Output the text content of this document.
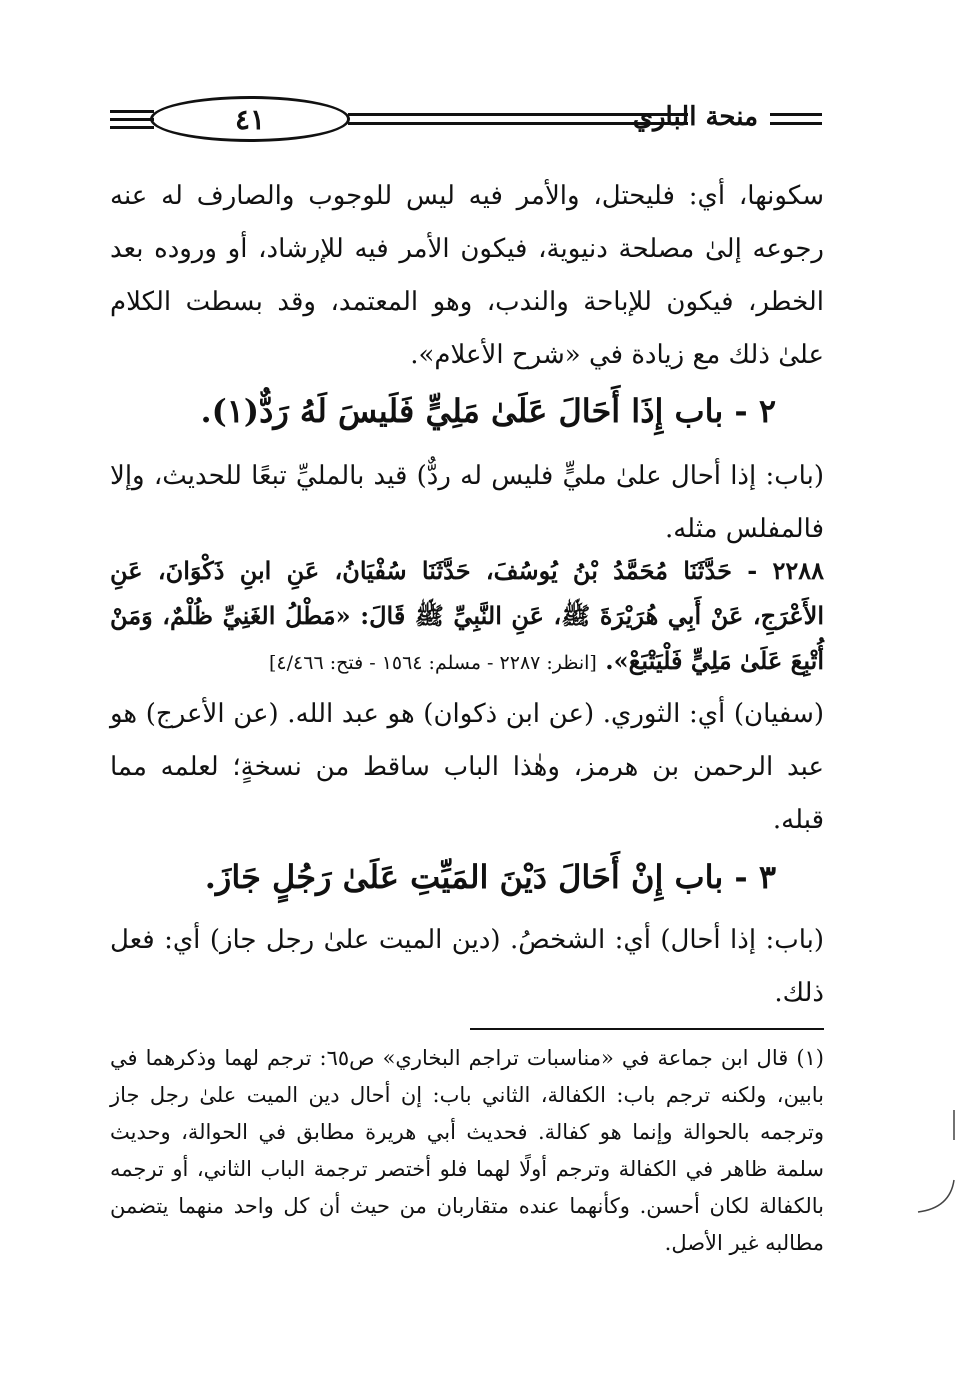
٤١	منحة الباري
سكونها، أي: فليحتل، والأمر فيه ليس للوجوب والصارف له عنه رجوعه إلىٰ مصلحة دنيوية، فيكون الأمر فيه للإرشاد، أو وروده بعد الخطر، فيكون للإباحة والندب، وهو المعتمد، وقد بسطت الكلام علىٰ ذلك مع زيادة في «شرح الأعلام».
٢ - باب إِذَا أَحَالَ عَلَىٰ مَلِيٍّ فَلَيسَ لَهُ رَدٌّ(١).
(باب: إذا أحال علىٰ مليٍّ فليس له ردٌّ) قيد بالمليِّ تبعًا للحديث، وإلا فالمفلس مثله.
٢٢٨٨ - حَدَّثَنَا مُحَمَّدُ بْنُ يُوسُفَ، حَدَّثَنَا سُفْيَانُ، عَنِ ابنِ ذَكْوَانَ، عَنِ الأَعْرَجِ، عَنْ أَبِي هُرَيْرَةَ ﷺ، عَنِ النَّبِيِّ ﷺ قَالَ: «مَطْلُ الغَنِيِّ ظُلْمٌ، وَمَنْ أُتْبِعَ عَلَىٰ مَلِيٍّ فَلْيَتْبَعْ». [انظر: ٢٢٨٧ - مسلم: ١٥٦٤ - فتح: ٤/٤٦٦]
(سفيان) أي: الثوري. (عن ابن ذكوان) هو عبد الله. (عن الأعرج) هو عبد الرحمن بن هرمز، وهٰذا الباب ساقط من نسخةٍ؛ لعلمه مما قبله.
٣ - باب إِنْ أَحَالَ دَيْنَ المَيِّتِ عَلَىٰ رَجُلٍ جَازَ.
(باب: إذا أحال) أي: الشخصُ. (دين الميت علىٰ رجل جاز) أي: فعل ذلك.
(١) قال ابن جماعة في «مناسبات تراجم البخاري» ص٦٥: ترجم لهما وذكرهما في بابين، ولكنه ترجم باب: الكفالة، الثاني باب: إن أحال دين الميت علىٰ رجل جاز وترجمه بالحوالة وإنما هو كفالة. فحديث أبي هريرة مطابق في الحوالة، وحديث سلمة ظاهر في الكفالة وترجم أولًا لهما فلو أختصر ترجمة الباب الثاني، أو ترجمه بالكفالة لكان أحسن. وكأنهما عنده متقاربان من حيث أن كل واحد منهما يتضمن مطالبه غير الأصل.
